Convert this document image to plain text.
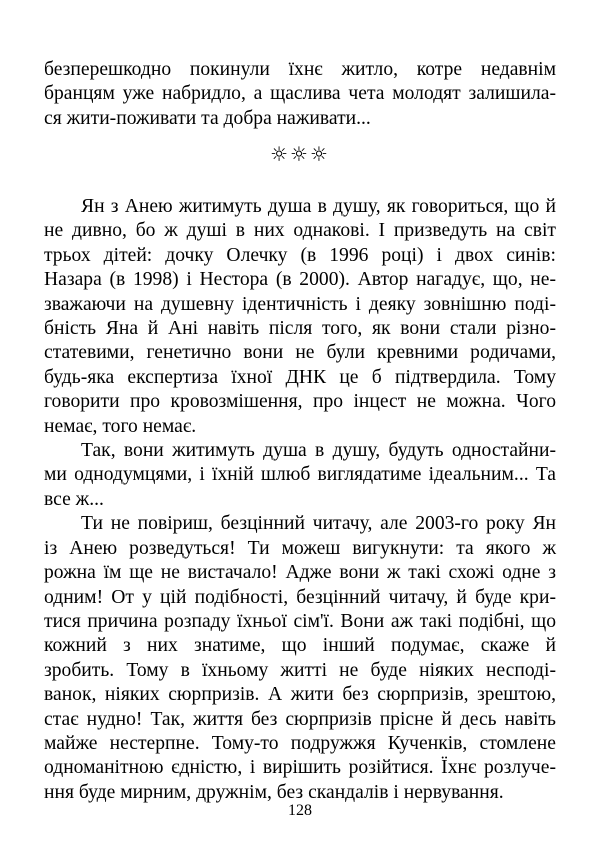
безперешкодно покинули їхнє житло, котре недавнім
бранцям уже набридло, а щаслива чета молодят залишила-
ся жити-поживати та добра наживати...
☼☼☼
Ян з Анею житимуть душа в душу, як говориться, що й
не дивно, бо ж душі в них однакові. І призведуть на світ
трьох дітей: дочку Олечку (в 1996 році) і двох синів:
Назара (в 1998) і Нестора (в 2000). Автор нагадує, що, не-
зважаючи на душевну ідентичність і деяку зовнішню поді-
бність Яна й Ані навіть після того, як вони стали різно-
статевими, генетично вони не були кревними родичами,
будь-яка експертиза їхної ДНК це б підтвердила. Тому
говорити про кровозмішення, про інцест не можна. Чого
немає, того немає.
Так, вони житимуть душа в душу, будуть одностайни-
ми однодумцями, і їхній шлюб виглядатиме ідеальним... Та
все ж...
Ти не повіриш, безцінний читачу, але 2003-го року Ян
із Анею розведуться! Ти можеш вигукнути: та якого ж
рожна їм ще не вистачало! Адже вони ж такі схожі одне з
одним! От у цій подібності, безцінний читачу, й буде кри-
тися причина розпаду їхньої сім'ї. Вони аж такі подібні, що
кожний з них знатиме, що інший подумає, скаже й
зробить. Тому в їхньому житті не буде ніяких несподі-
ванок, ніяких сюрпризів. А жити без сюрпризів, зрештою,
стає нудно! Так, життя без сюрпризів прісне й десь навіть
майже нестерпне. Тому-то подружжя Кученків, стомлене
одноманітною єдністю, і вирішить розійтися. Їхнє розлуче-
ння буде мирним, дружнім, без скандалів і нервування.
128
